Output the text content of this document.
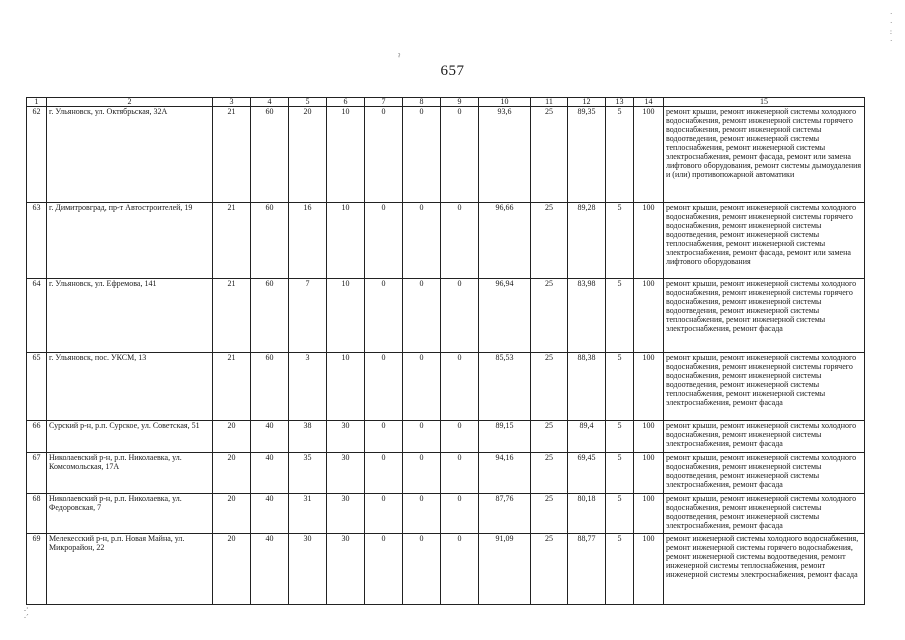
657
ˀ
·
·
:
·
.·
∙´
1	2	3	4	5	6	7	8	9	10	11	12	13	14	15
62	г. Ульяновск, ул. Октябрьская, 32А	21	60	20	10	0	0	0	93,6	25	89,35	5	100	ремонт крыши, ремонт инженерной системы холодного водоснабжения, ремонт инженерной системы горячего водоснабжения, ремонт инженерной системы водоотведения, ремонт инженерной системы теплоснабжения, ремонт инженерной системы электроснабжения, ремонт фасада, ремонт или замена лифтового оборудования, ремонт системы дымоудаления и (или) противопожарной автоматики
63	г. Димитровград, пр-т Автостроителей, 19	21	60	16	10	0	0	0	96,66	25	89,28	5	100	ремонт крыши, ремонт инженерной системы холодного водоснабжения, ремонт инженерной системы горячего водоснабжения, ремонт инженерной системы водоотведения, ремонт инженерной системы теплоснабжения, ремонт инженерной системы электроснабжения, ремонт фасада, ремонт или замена лифтового оборудования
64	г. Ульяновск, ул. Ефремова, 141	21	60	7	10	0	0	0	96,94	25	83,98	5	100	ремонт крыши, ремонт инженерной системы холодного водоснабжения, ремонт инженерной системы горячего водоснабжения, ремонт инженерной системы водоотведения, ремонт инженерной системы теплоснабжения, ремонт инженерной системы электроснабжения, ремонт фасада
65	г. Ульяновск, пос. УКСМ, 13	21	60	3	10	0	0	0	85,53	25	88,38	5	100	ремонт крыши, ремонт инженерной системы холодного водоснабжения, ремонт инженерной системы горячего водоснабжения, ремонт инженерной системы водоотведения, ремонт инженерной системы теплоснабжения, ремонт инженерной системы электроснабжения, ремонт фасада
66	Сурский р-н, р.п. Сурское, ул. Советская, 51	20	40	38	30	0	0	0	89,15	25	89,4	5	100	ремонт крыши, ремонт инженерной системы холодного водоснабжения, ремонт инженерной системы электроснабжения, ремонт фасада
67	Николаевский р-н, р.п. Николаевка, ул. Комсомольская, 17А	20	40	35	30	0	0	0	94,16	25	69,45	5	100	ремонт крыши, ремонт инженерной системы холодного водоснабжения, ремонт инженерной системы водоотведения, ремонт инженерной системы электроснабжения, ремонт фасада
68	Николаевский р-н, р.п. Николаевка, ул. Федоровская, 7	20	40	31	30	0	0	0	87,76	25	80,18	5	100	ремонт крыши, ремонт инженерной системы холодного водоснабжения, ремонт инженерной системы водоотведения, ремонт инженерной системы электроснабжения, ремонт фасада
69	Мелекесский р-н, р.п. Новая Майна, ул. Микрорайон, 22	20	40	30	30	0	0	0	91,09	25	88,77	5	100	ремонт инженерной системы холодного водоснабжения, ремонт инженерной системы горячего водоснабжения, ремонт инженерной системы водоотведения, ремонт инженерной системы теплоснабжения, ремонт инженерной системы электроснабжения, ремонт фасада
